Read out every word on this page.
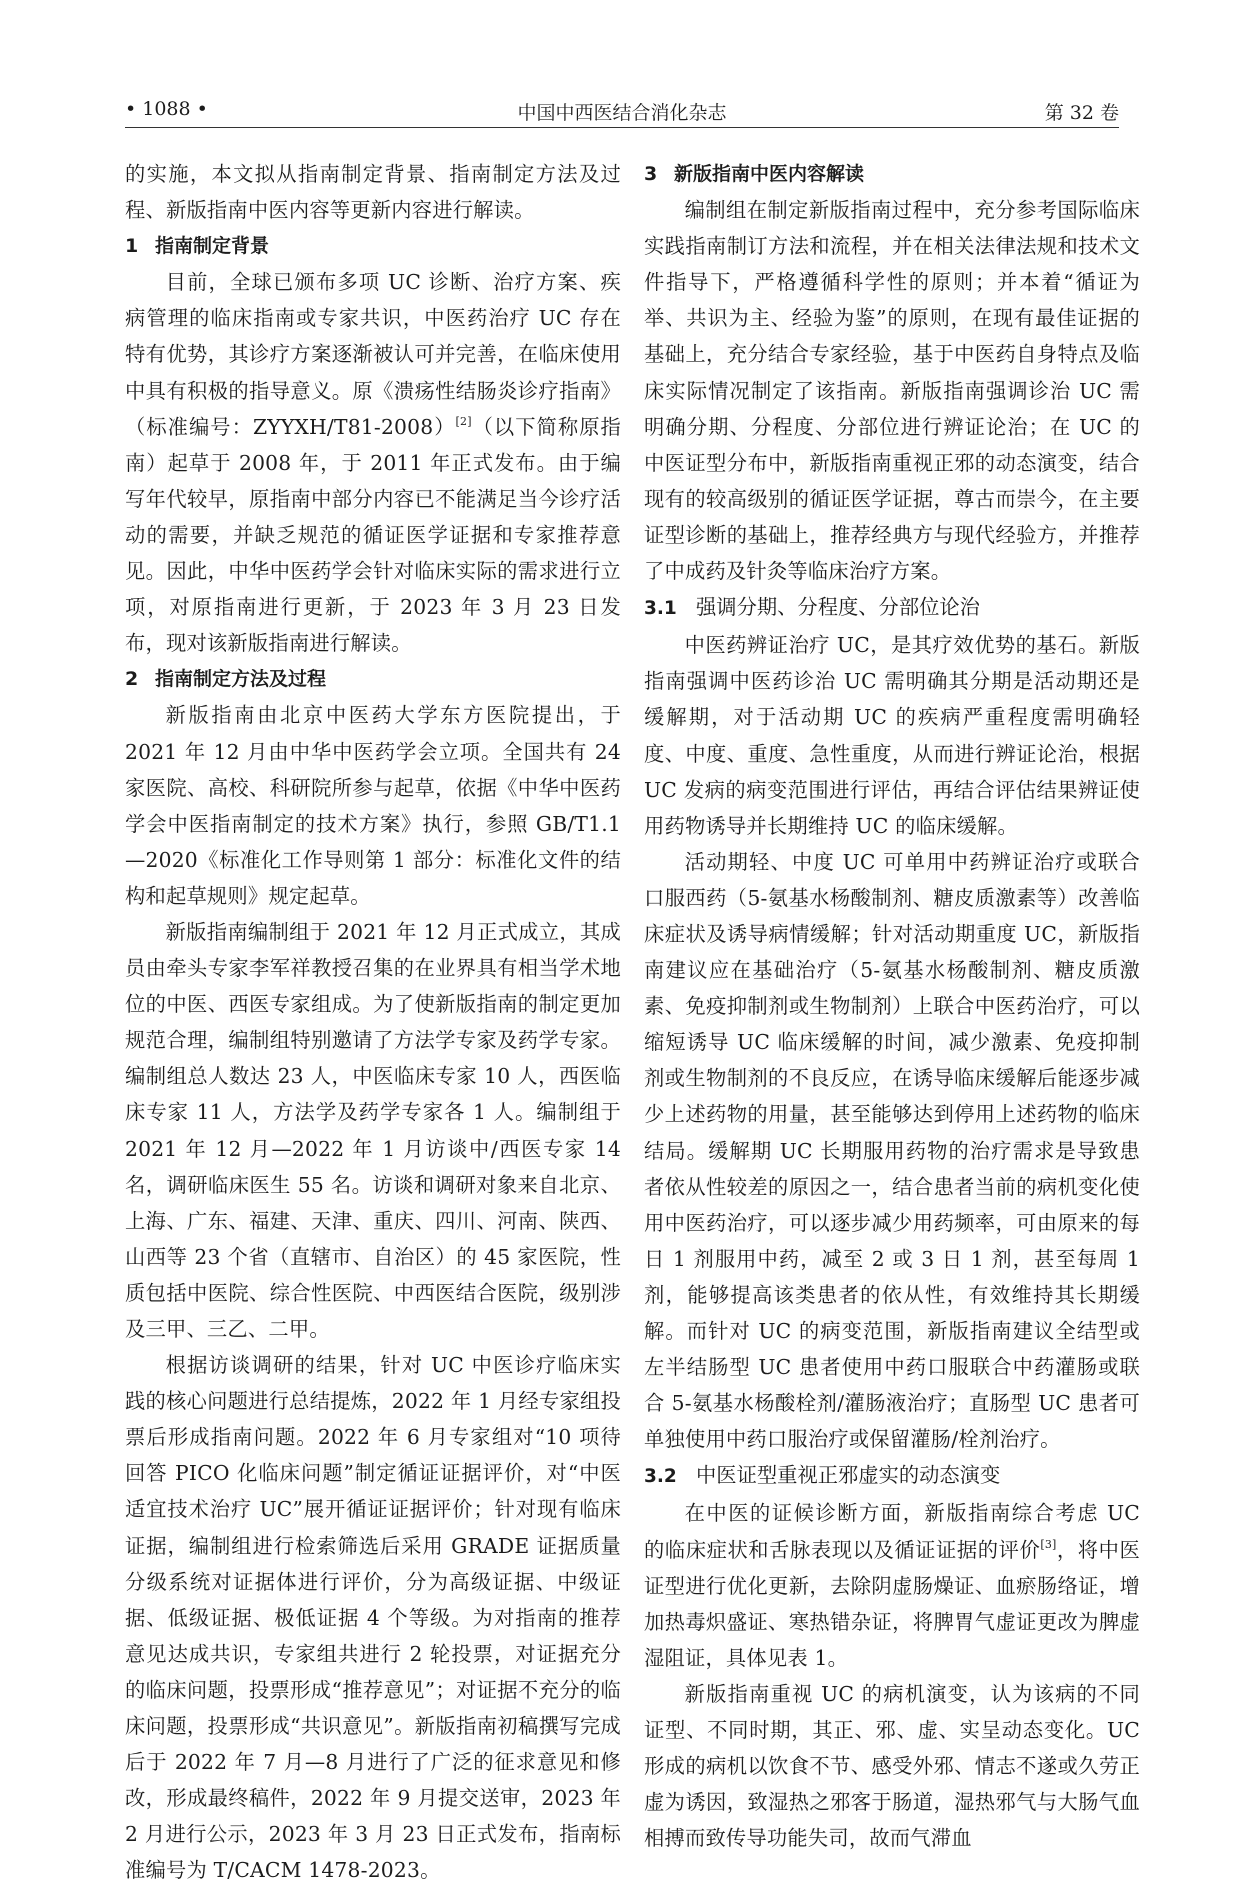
• 1088 •	中国中西医结合消化杂志	第 32 卷

的实施，本文拟从指南制定背景、指南制定方法及过程、新版指南中医内容等更新内容进行解读。

1 指南制定背景

目前，全球已颁布多项 UC 诊断、治疗方案、疾病管理的临床指南或专家共识，中医药治疗 UC 存在特有优势，其诊疗方案逐渐被认可并完善，在临床使用中具有积极的指导意义。原《溃疡性结肠炎诊疗指南》（标准编号：ZYYXH/T81-2008）[2]（以下简称原指南）起草于 2008 年，于 2011 年正式发布。由于编写年代较早，原指南中部分内容已不能满足当今诊疗活动的需要，并缺乏规范的循证医学证据和专家推荐意见。因此，中华中医药学会针对临床实际的需求进行立项，对原指南进行更新，于 2023 年 3 月 23 日发布，现对该新版指南进行解读。

2 指南制定方法及过程

新版指南由北京中医药大学东方医院提出，于 2021 年 12 月由中华中医药学会立项。全国共有 24 家医院、高校、科研院所参与起草，依据《中华中医药学会中医指南制定的技术方案》执行，参照 GB/T1.1—2020《标准化工作导则第 1 部分：标准化文件的结构和起草规则》规定起草。

新版指南编制组于 2021 年 12 月正式成立，其成员由牵头专家李军祥教授召集的在业界具有相当学术地位的中医、西医专家组成。为了使新版指南的制定更加规范合理，编制组特别邀请了方法学专家及药学专家。编制组总人数达 23 人，中医临床专家 10 人，西医临床专家 11 人，方法学及药学专家各 1 人。编制组于 2021 年 12 月—2022 年 1 月访谈中/西医专家 14 名，调研临床医生 55 名。访谈和调研对象来自北京、上海、广东、福建、天津、重庆、四川、河南、陕西、山西等 23 个省（直辖市、自治区）的 45 家医院，性质包括中医院、综合性医院、中西医结合医院，级别涉及三甲、三乙、二甲。

根据访谈调研的结果，针对 UC 中医诊疗临床实践的核心问题进行总结提炼，2022 年 1 月经专家组投票后形成指南问题。2022 年 6 月专家组对“10 项待回答 PICO 化临床问题”制定循证证据评价，对“中医适宜技术治疗 UC”展开循证证据评价；针对现有临床证据，编制组进行检索筛选后采用 GRADE 证据质量分级系统对证据体进行评价，分为高级证据、中级证据、低级证据、极低证据 4 个等级。为对指南的推荐意见达成共识，专家组共进行 2 轮投票，对证据充分的临床问题，投票形成“推荐意见”；对证据不充分的临床问题，投票形成“共识意见”。新版指南初稿撰写完成后于 2022 年 7 月—8 月进行了广泛的征求意见和修改，形成最终稿件，2022 年 9 月提交送审，2023 年 2 月进行公示，2023 年 3 月 23 日正式发布，指南标准编号为 T/CACM 1478-2023。

3 新版指南中医内容解读

编制组在制定新版指南过程中，充分参考国际临床实践指南制订方法和流程，并在相关法律法规和技术文件指导下，严格遵循科学性的原则；并本着“循证为举、共识为主、经验为鉴”的原则，在现有最佳证据的基础上，充分结合专家经验，基于中医药自身特点及临床实际情况制定了该指南。新版指南强调诊治 UC 需明确分期、分程度、分部位进行辨证论治；在 UC 的中医证型分布中，新版指南重视正邪的动态演变，结合现有的较高级别的循证医学证据，尊古而崇今，在主要证型诊断的基础上，推荐经典方与现代经验方，并推荐了中成药及针灸等临床治疗方案。

3.1 强调分期、分程度、分部位论治

中医药辨证治疗 UC，是其疗效优势的基石。新版指南强调中医药诊治 UC 需明确其分期是活动期还是缓解期，对于活动期 UC 的疾病严重程度需明确轻度、中度、重度、急性重度，从而进行辨证论治，根据 UC 发病的病变范围进行评估，再结合评估结果辨证使用药物诱导并长期维持 UC 的临床缓解。

活动期轻、中度 UC 可单用中药辨证治疗或联合口服西药（5-氨基水杨酸制剂、糖皮质激素等）改善临床症状及诱导病情缓解；针对活动期重度 UC，新版指南建议应在基础治疗（5-氨基水杨酸制剂、糖皮质激素、免疫抑制剂或生物制剂）上联合中医药治疗，可以缩短诱导 UC 临床缓解的时间，减少激素、免疫抑制剂或生物制剂的不良反应，在诱导临床缓解后能逐步减少上述药物的用量，甚至能够达到停用上述药物的临床结局。缓解期 UC 长期服用药物的治疗需求是导致患者依从性较差的原因之一，结合患者当前的病机变化使用中医药治疗，可以逐步减少用药频率，可由原来的每日 1 剂服用中药，减至 2 或 3 日 1 剂，甚至每周 1 剂，能够提高该类患者的依从性，有效维持其长期缓解。而针对 UC 的病变范围，新版指南建议全结型或左半结肠型 UC 患者使用中药口服联合中药灌肠或联合 5-氨基水杨酸栓剂/灌肠液治疗；直肠型 UC 患者可单独使用中药口服治疗或保留灌肠/栓剂治疗。

3.2 中医证型重视正邪虚实的动态演变

在中医的证候诊断方面，新版指南综合考虑 UC 的临床症状和舌脉表现以及循证证据的评价[3]，将中医证型进行优化更新，去除阴虚肠燥证、血瘀肠络证，增加热毒炽盛证、寒热错杂证，将脾胃气虚证更改为脾虚湿阻证，具体见表 1。

新版指南重视 UC 的病机演变，认为该病的不同证型、不同时期，其正、邪、虚、实呈动态变化。UC 形成的病机以饮食不节、感受外邪、情志不遂或久劳正虚为诱因，致湿热之邪客于肠道，湿热邪气与大肠气血相搏而致传导功能失司，故而气滞血
